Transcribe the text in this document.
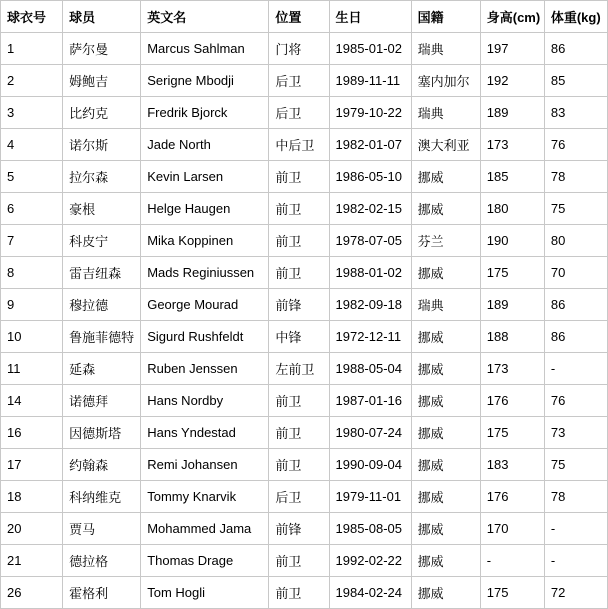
球衣号	球员	英文名	位置	生日	国籍	身高(cm)	体重(kg)
1	萨尔曼	Marcus Sahlman	门将	1985-01-02	瑞典	197	86
2	姆鲍吉	Serigne Mbodji	后卫	1989-11-11	塞内加尔	192	85
3	比约克	Fredrik Bjorck	后卫	1979-10-22	瑞典	189	83
4	诺尔斯	Jade North	中后卫	1982-01-07	澳大利亚	173	76
5	拉尔森	Kevin Larsen	前卫	1986-05-10	挪威	185	78
6	豪根	Helge Haugen	前卫	1982-02-15	挪威	180	75
7	科皮宁	Mika Koppinen	前卫	1978-07-05	芬兰	190	80
8	雷吉纽森	Mads Reginiussen	前卫	1988-01-02	挪威	175	70
9	穆拉德	George Mourad	前锋	1982-09-18	瑞典	189	86
10	鲁施菲德特	Sigurd Rushfeldt	中锋	1972-12-11	挪威	188	86
11	延森	Ruben Jenssen	左前卫	1988-05-04	挪威	173	-
14	诺德拜	Hans Nordby	前卫	1987-01-16	挪威	176	76
16	因德斯塔	Hans Yndestad	前卫	1980-07-24	挪威	175	73
17	约翰森	Remi Johansen	前卫	1990-09-04	挪威	183	75
18	科纳维克	Tommy Knarvik	后卫	1979-11-01	挪威	176	78
20	贾马	Mohammed Jama	前锋	1985-08-05	挪威	170	-
21	德拉格	Thomas Drage	前卫	1992-02-22	挪威	-	-
26	霍格利	Tom Hogli	前卫	1984-02-24	挪威	175	72
